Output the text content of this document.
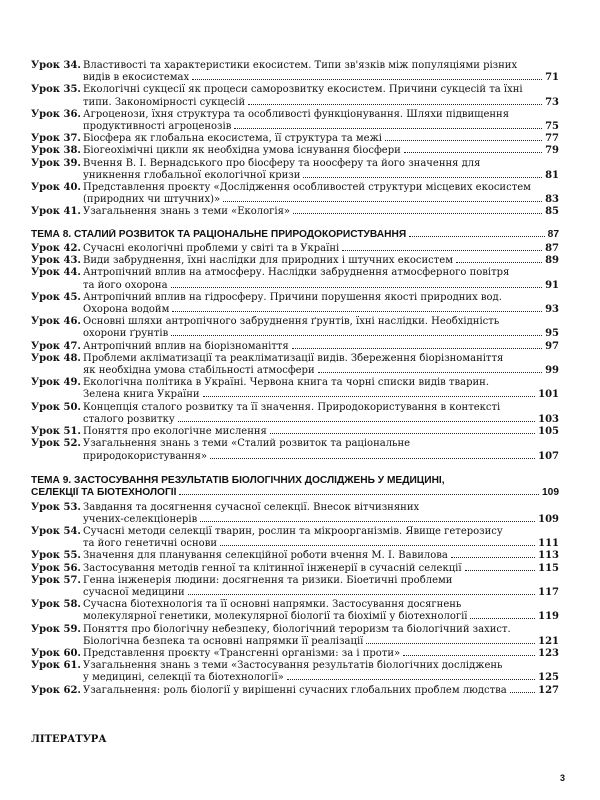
Урок 34. Властивості та характеристики екосистем. Типи зв'язків між популяціями різних
видів в екосистемах	71
Урок 35. Екологічні сукцесії як процеси саморозвитку екосистем. Причини сукцесій та їхні
типи. Закономірності сукцесій	73
Урок 36. Агроценози, їхня структура та особливості функціонування. Шляхи підвищення
продуктивності агроценозів	75
Урок 37. Біосфера як глобальна екосистема, її структура та межі	77
Урок 38. Біогеохімічні цикли як необхідна умова існування біосфери	79
Урок 39. Вчення В. І. Вернадського про біосферу та ноосферу та його значення для
уникнення глобальної екологічної кризи	81
Урок 40. Представлення проєкту «Дослідження особливостей структури місцевих екосистем
(природних чи штучних)»	83
Урок 41. Узагальнення знань з теми «Екологія»	85
ТЕМА 8. СТАЛИЙ РОЗВИТОК ТА РАЦІОНАЛЬНЕ ПРИРОДОКОРИСТУВАННЯ	87
Урок 42. Сучасні екологічні проблеми у світі та в Україні	87
Урок 43. Види забруднення, їхні наслідки для природних і штучних екосистем	89
Урок 44. Антропічний вплив на атмосферу. Наслідки забруднення атмосферного повітря
та його охорона	91
Урок 45. Антропічний вплив на гідросферу. Причини порушення якості природних вод.
Охорона водойм	93
Урок 46. Основні шляхи антропічного забруднення ґрунтів, їхні наслідки. Необхідність
охорони ґрунтів	95
Урок 47. Антропічний вплив на біорізноманіття	97
Урок 48. Проблеми акліматизації та реакліматизації видів. Збереження біорізноманіття
як необхідна умова стабільності атмосфери	99
Урок 49. Екологічна політика в Україні. Червона книга та чорні списки видів тварин.
Зелена книга України	101
Урок 50. Концепція сталого розвитку та її значення. Природокористування в контексті
сталого розвитку	103
Урок 51. Поняття про екологічне мислення	105
Урок 52. Узагальнення знань з теми «Сталий розвиток та раціональне
природокористування»	107
ТЕМА 9. ЗАСТОСУВАННЯ РЕЗУЛЬТАТІВ БІОЛОГІЧНИХ ДОСЛІДЖЕНЬ У МЕДИЦИНІ,
СЕЛЕКЦІЇ ТА БІОТЕХНОЛОГІЇ	109
Урок 53. Завдання та досягнення сучасної селекції. Внесок вітчизняних
учених-селекціонерів	109
Урок 54. Сучасні методи селекції тварин, рослин та мікроорганізмів. Явище гетерозису
та його генетичні основи	111
Урок 55. Значення для планування селекційної роботи вчення М. І. Вавилова	113
Урок 56. Застосування методів генної та клітинної інженерії в сучасній селекції	115
Урок 57. Генна інженерія людини: досягнення та ризики. Біоетичні проблеми
сучасної медицини	117
Урок 58. Сучасна біотехнологія та її основні напрямки. Застосування досягнень
молекулярної генетики, молекулярної біології та біохімії у біотехнології	119
Урок 59. Поняття про біологічну небезпеку, біологічний тероризм та біологічний захист.
Біологічна безпека та основні напрямки її реалізації	121
Урок 60. Представлення проєкту «Трансгенні організми: за і проти»	123
Урок 61. Узагальнення знань з теми «Застосування результатів біологічних досліджень
у медицині, селекції та біотехнології»	125
Урок 62. Узагальнення: роль біології у вирішенні сучасних глобальних проблем людства	127
ЛІТЕРАТУРА
3
